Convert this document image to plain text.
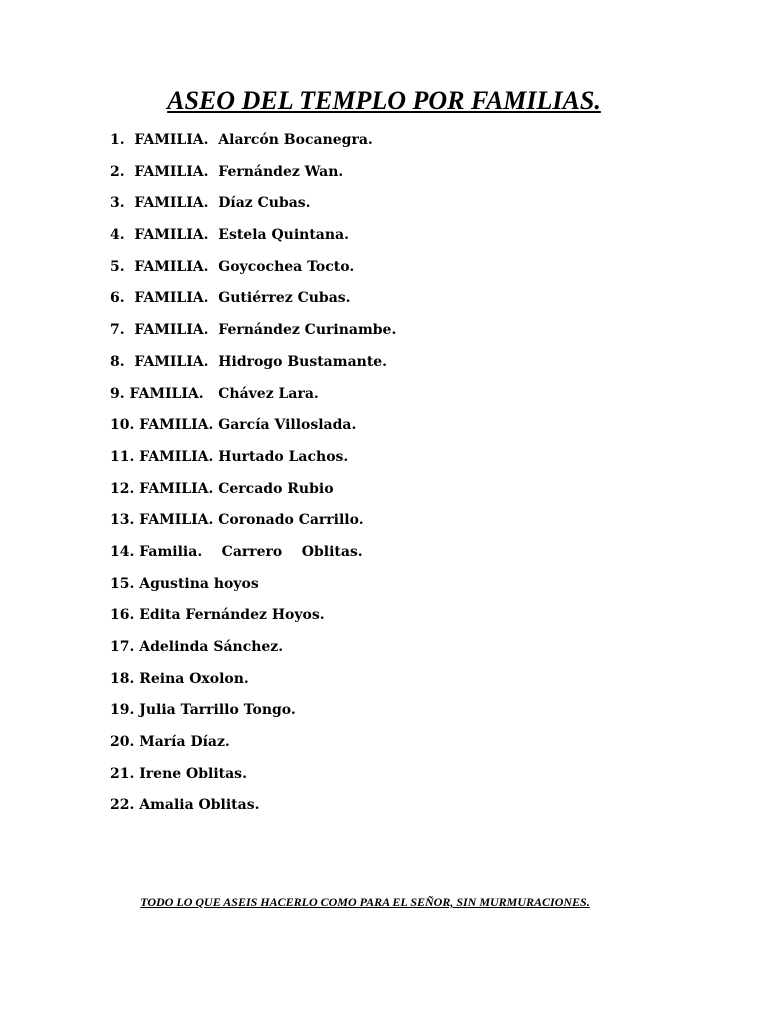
ASEO DEL TEMPLO POR FAMILIAS.
1.  FAMILIA.  Alarcón Bocanegra.
2.  FAMILIA.  Fernández Wan.
3.  FAMILIA.  Díaz Cubas.
4.  FAMILIA.  Estela Quintana.
5.  FAMILIA.  Goycochea Tocto.
6.  FAMILIA.  Gutiérrez Cubas.
7.  FAMILIA.  Fernández Curinambe.
8.  FAMILIA.  Hidrogo Bustamante.
9. FAMILIA.   Chávez Lara.
10. FAMILIA. García Villoslada.
11. FAMILIA. Hurtado Lachos.
12. FAMILIA. Cercado Rubio
13. FAMILIA. Coronado Carrillo.
14. Familia.    Carrero    Oblitas.
15. Agustina hoyos
16. Edita Fernández Hoyos.
17. Adelinda Sánchez.
18. Reina Oxolon.
19. Julia Tarrillo Tongo.
20. María Díaz.
21. Irene Oblitas.
22. Amalia Oblitas.

TODO LO QUE ASEIS HACERLO COMO PARA EL SEÑOR, SIN MURMURACIONES.
